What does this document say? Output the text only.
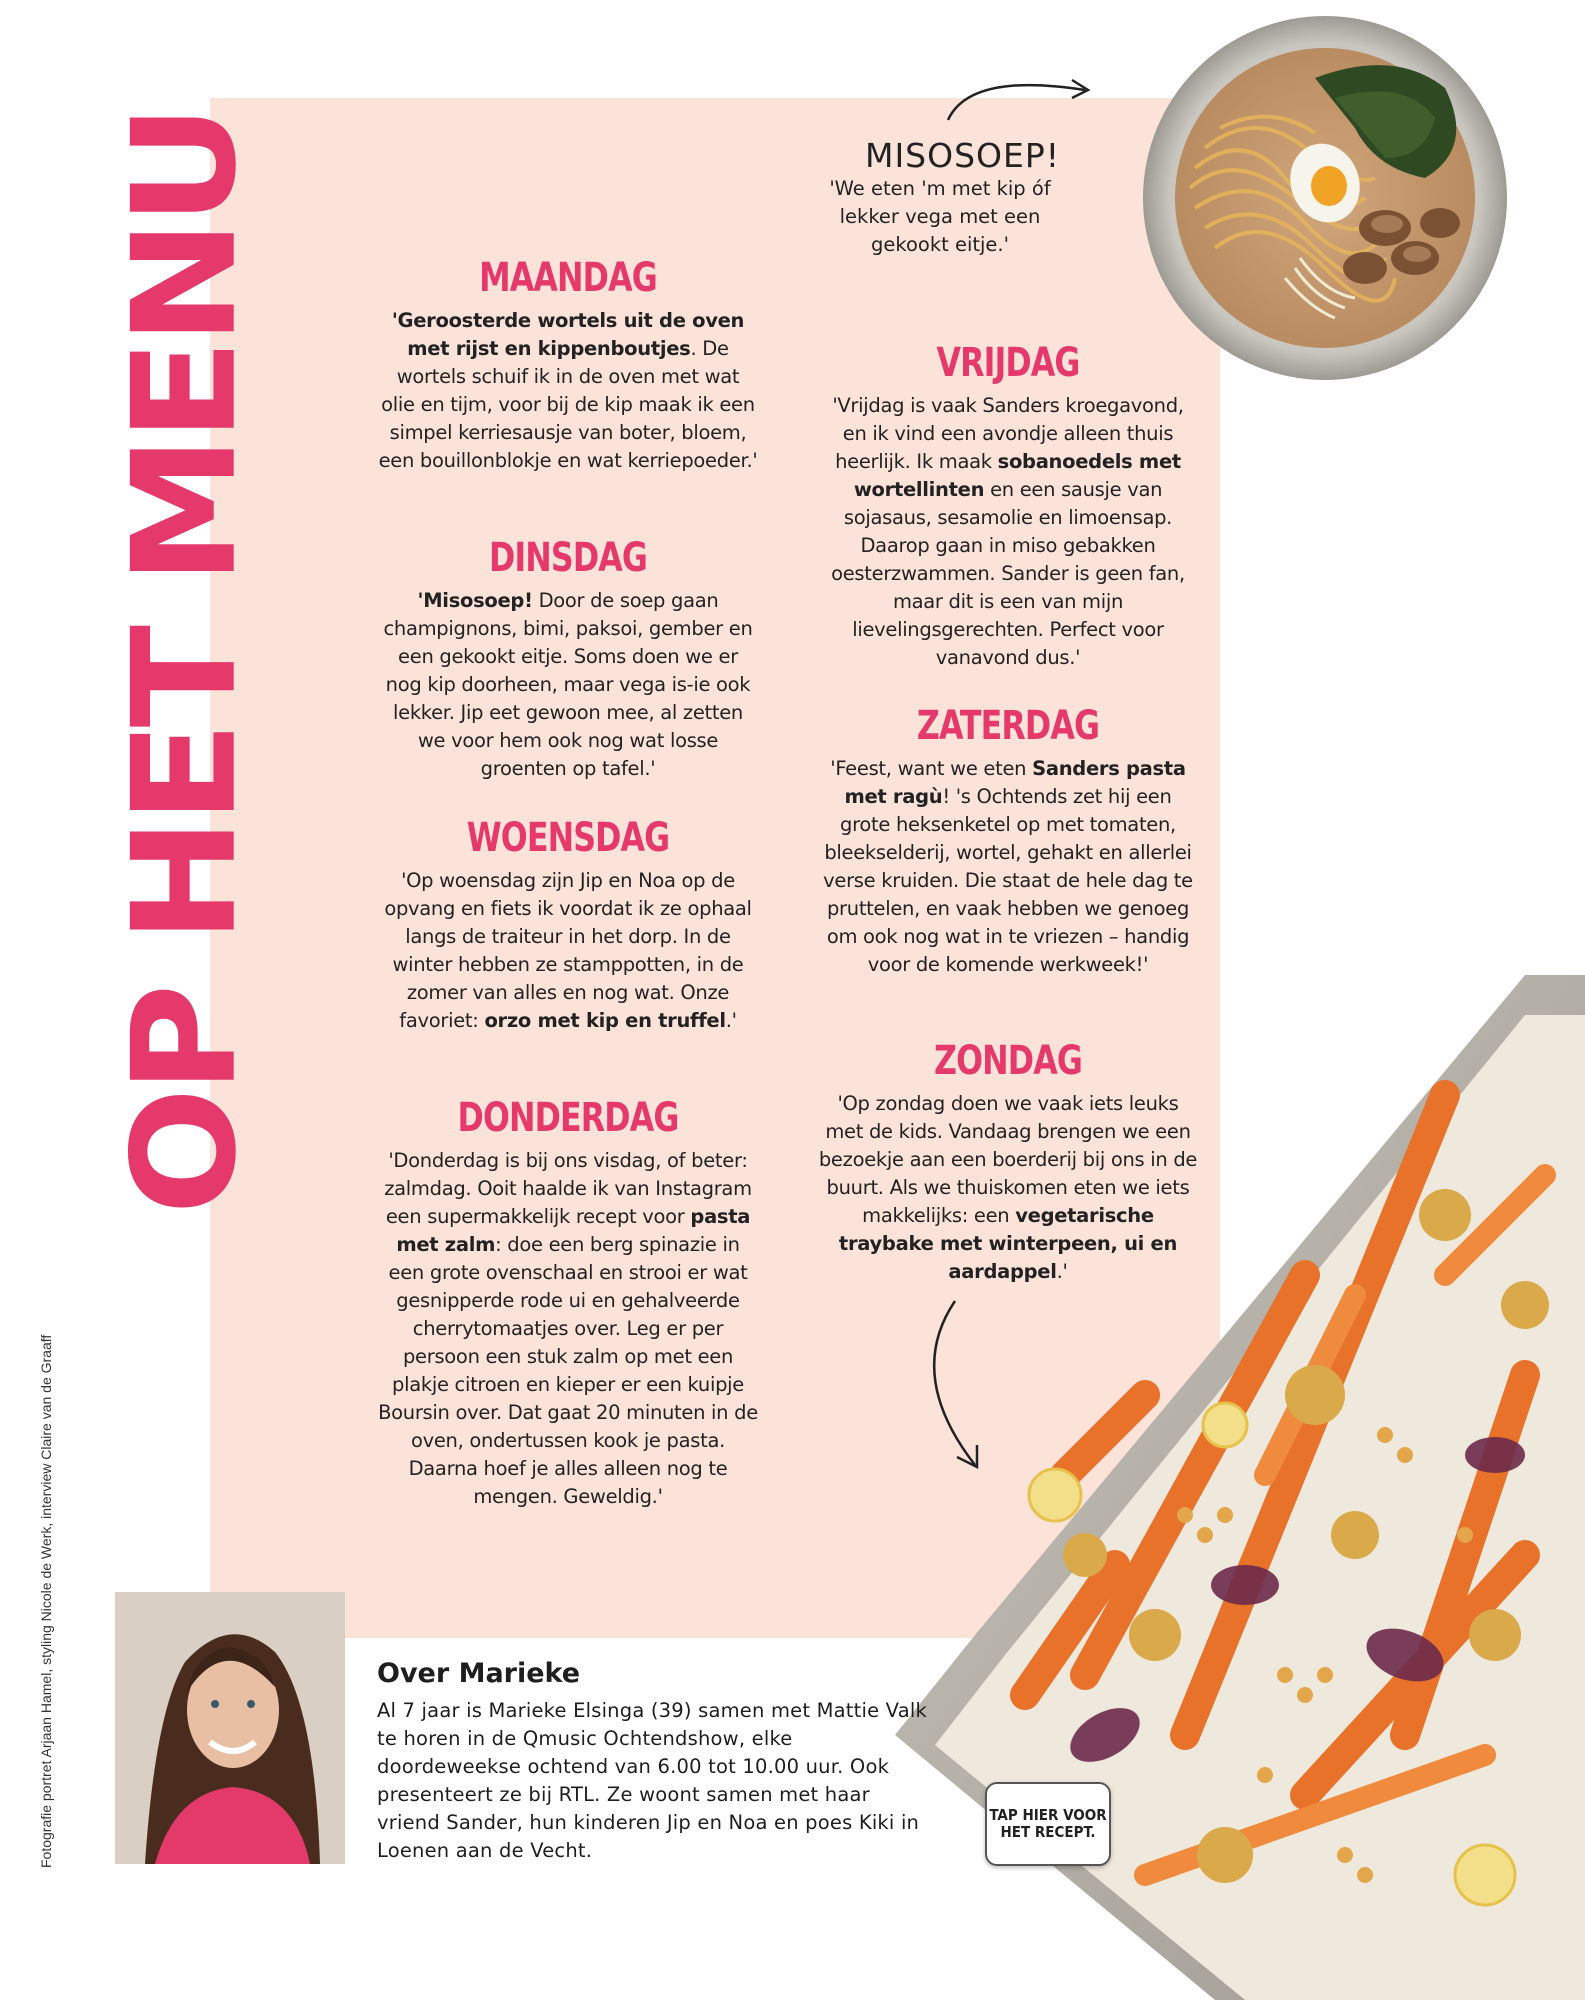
OP HET MENU
Fotografie portret Arjaan Hamel, styling Nicole de Werk, interview Claire van de Graaff
MISOSOEP!
'We eten 'm met kip óf lekker vega met een gekookt eitje.'
MAANDAG

'Geroosterde wortels uit de oven met rijst en kippenboutjes. De wortels schuif ik in de oven met wat olie en tijm, voor bij de kip maak ik een simpel kerriesausje van boter, bloem, een bouillonblokje en wat kerriepoeder.'

DINSDAG

'Misosoep! Door de soep gaan champignons, bimi, paksoi, gember en een gekookt eitje. Soms doen we er nog kip doorheen, maar vega is-ie ook lekker. Jip eet gewoon mee, al zetten we voor hem ook nog wat losse groenten op tafel.'

WOENSDAG

'Op woensdag zijn Jip en Noa op de opvang en fiets ik voordat ik ze ophaal langs de traiteur in het dorp. In de winter hebben ze stamppotten, in de zomer van alles en nog wat. Onze favoriet: orzo met kip en truffel.'

DONDERDAG

'Donderdag is bij ons visdag, of beter: zalmdag. Ooit haalde ik van Instagram een supermakkelijk recept voor pasta met zalm: doe een berg spinazie in een grote ovenschaal en strooi er wat gesnipperde rode ui en gehalveerde cherrytomaatjes over. Leg er per persoon een stuk zalm op met een plakje citroen en kieper er een kuipje Boursin over. Dat gaat 20 minuten in de oven, ondertussen kook je pasta. Daarna hoef je alles alleen nog te mengen. Geweldig.'

VRIJDAG

'Vrijdag is vaak Sanders kroegavond, en ik vind een avondje alleen thuis heerlijk. Ik maak sobanoedels met wortellinten en een sausje van sojasaus, sesamolie en limoensap. Daarop gaan in miso gebakken oesterzwammen. Sander is geen fan, maar dit is een van mijn lievelingsgerechten. Perfect voor vanavond dus.'

ZATERDAG

'Feest, want we eten Sanders pasta met ragù! 's Ochtends zet hij een grote heksenketel op met tomaten, bleekselderij, wortel, gehakt en allerlei verse kruiden. Die staat de hele dag te pruttelen, en vaak hebben we genoeg om ook nog wat in te vriezen – handig voor de komende werkweek!'

ZONDAG

'Op zondag doen we vaak iets leuks met de kids. Vandaag brengen we een bezoekje aan een boerderij bij ons in de buurt. Als we thuiskomen eten we iets makkelijks: een vegetarische traybake met winterpeen, ui en aardappel.'

Over Marieke

Al 7 jaar is Marieke Elsinga (39) samen met Mattie Valk te horen in de Qmusic Ochtendshow, elke doordeweekse ochtend van 6.00 tot 10.00 uur. Ook presenteert ze bij RTL. Ze woont samen met haar vriend Sander, hun kinderen Jip en Noa en poes Kiki in Loenen aan de Vecht.

TAP HIER VOOR HET RECEPT.
